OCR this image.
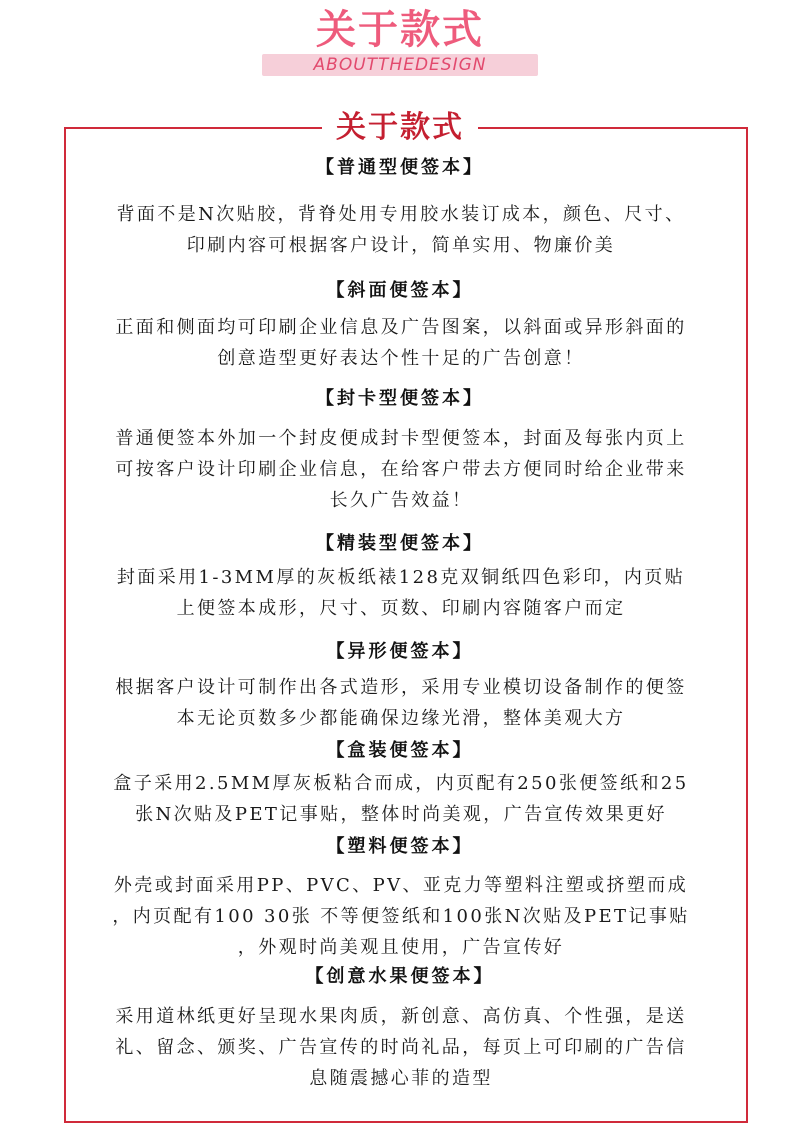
关于款式
ABOUTTHEDESIGN
关于款式
【普通型便签本】
背面不是N次贴胶，背脊处用专用胶水装订成本，颜色、尺寸、
印刷内容可根据客户设计，简单实用、物廉价美
【斜面便签本】
正面和侧面均可印刷企业信息及广告图案，以斜面或异形斜面的
创意造型更好表达个性十足的广告创意！
【封卡型便签本】
普通便签本外加一个封皮便成封卡型便签本，封面及每张内页上
可按客户设计印刷企业信息，在给客户带去方便同时给企业带来
长久广告效益！
【精装型便签本】
封面采用1-3MM厚的灰板纸裱128克双铜纸四色彩印，内页贴
上便签本成形，尺寸、页数、印刷内容随客户而定
【异形便签本】
根据客户设计可制作出各式造形，采用专业模切设备制作的便签
本无论页数多少都能确保边缘光滑，整体美观大方
【盒装便签本】
盒子采用2.5MM厚灰板粘合而成，内页配有250张便签纸和25
张N次贴及PET记事贴，整体时尚美观，广告宣传效果更好
【塑料便签本】
外壳或封面采用PP、PVC、PV、亚克力等塑料注塑或挤塑而成
，内页配有100 30张 不等便签纸和100张N次贴及PET记事贴
，外观时尚美观且使用，广告宣传好
【创意水果便签本】
采用道林纸更好呈现水果肉质，新创意、高仿真、个性强，是送
礼、留念、颁奖、广告宣传的时尚礼品，每页上可印刷的广告信
息随震撼心菲的造型
